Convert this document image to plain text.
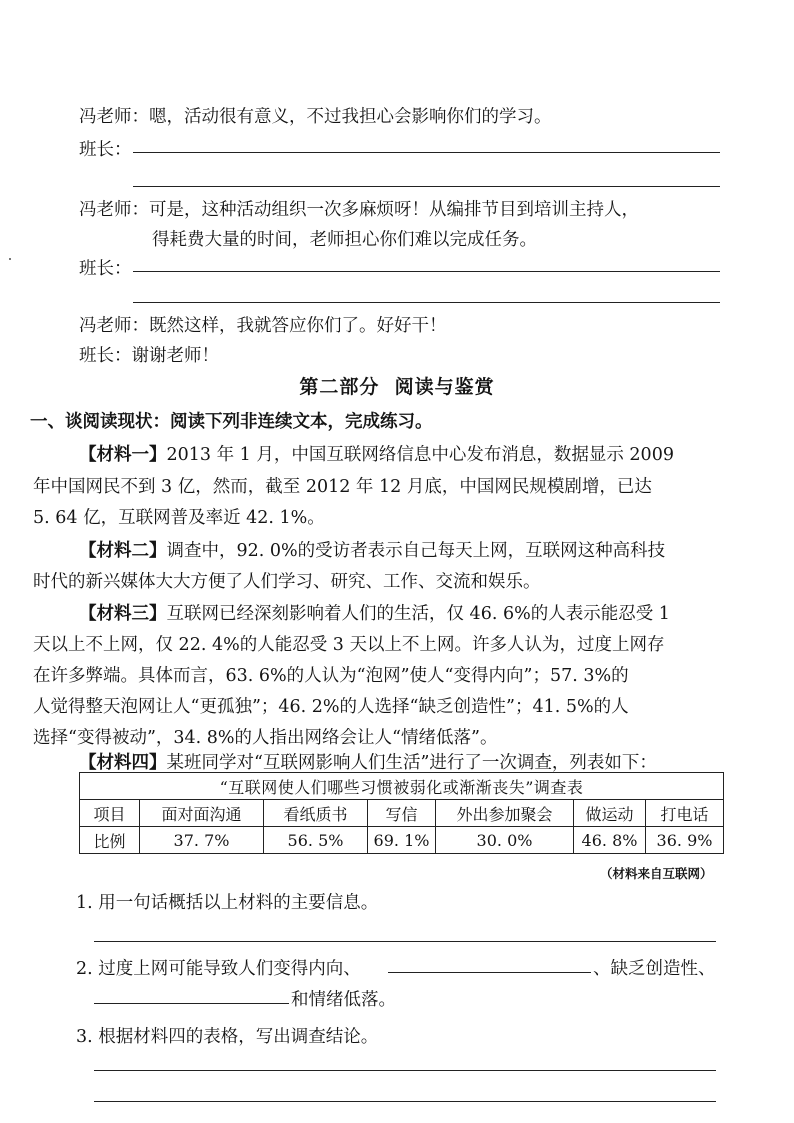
冯老师：嗯，活动很有意义，不过我担心会影响你们的学习。
班长：
冯老师：可是，这种活动组织一次多麻烦呀！从编排节目到培训主持人，
得耗费大量的时间，老师担心你们难以完成任务。
班长：
冯老师：既然这样，我就答应你们了。好好干！
班长：谢谢老师！
第二部分  阅读与鉴赏
一、谈阅读现状：阅读下列非连续文本，完成练习。
【材料一】2013 年 1 月，中国互联网络信息中心发布消息，数据显示 2009
年中国网民不到 3 亿，然而，截至 2012 年 12 月底，中国网民规模剧增，已达
5. 64 亿，互联网普及率近 42. 1%。
【材料二】调查中，92. 0%的受访者表示自己每天上网，互联网这种高科技
时代的新兴媒体大大方便了人们学习、研究、工作、交流和娱乐。
【材料三】互联网已经深刻影响着人们的生活，仅 46. 6%的人表示能忍受 1
天以上不上网，仅 22. 4%的人能忍受 3 天以上不上网。许多人认为，过度上网存
在许多弊端。具体而言，63. 6%的人认为“泡网”使人“变得内向”；57. 3%的
人觉得整天泡网让人“更孤独”；46. 2%的人选择“缺乏创造性”；41. 5%的人
选择“变得被动”，34. 8%的人指出网络会让人“情绪低落”。
【材料四】某班同学对“互联网影响人们生活”进行了一次调查，列表如下：
“互联网使人们哪些习惯被弱化或渐渐丧失”调查表						
项目	面对面沟通	看纸质书	写信	外出参加聚会	做运动	打电话
比例	37. 7%	56. 5%	69. 1%	30. 0%	46. 8%	36. 9%
（材料来自互联网）
1. 用一句话概括以上材料的主要信息。
2. 过度上网可能导致人们变得内向、	、缺乏创造性、
和情绪低落。
3. 根据材料四的表格，写出调查结论。
